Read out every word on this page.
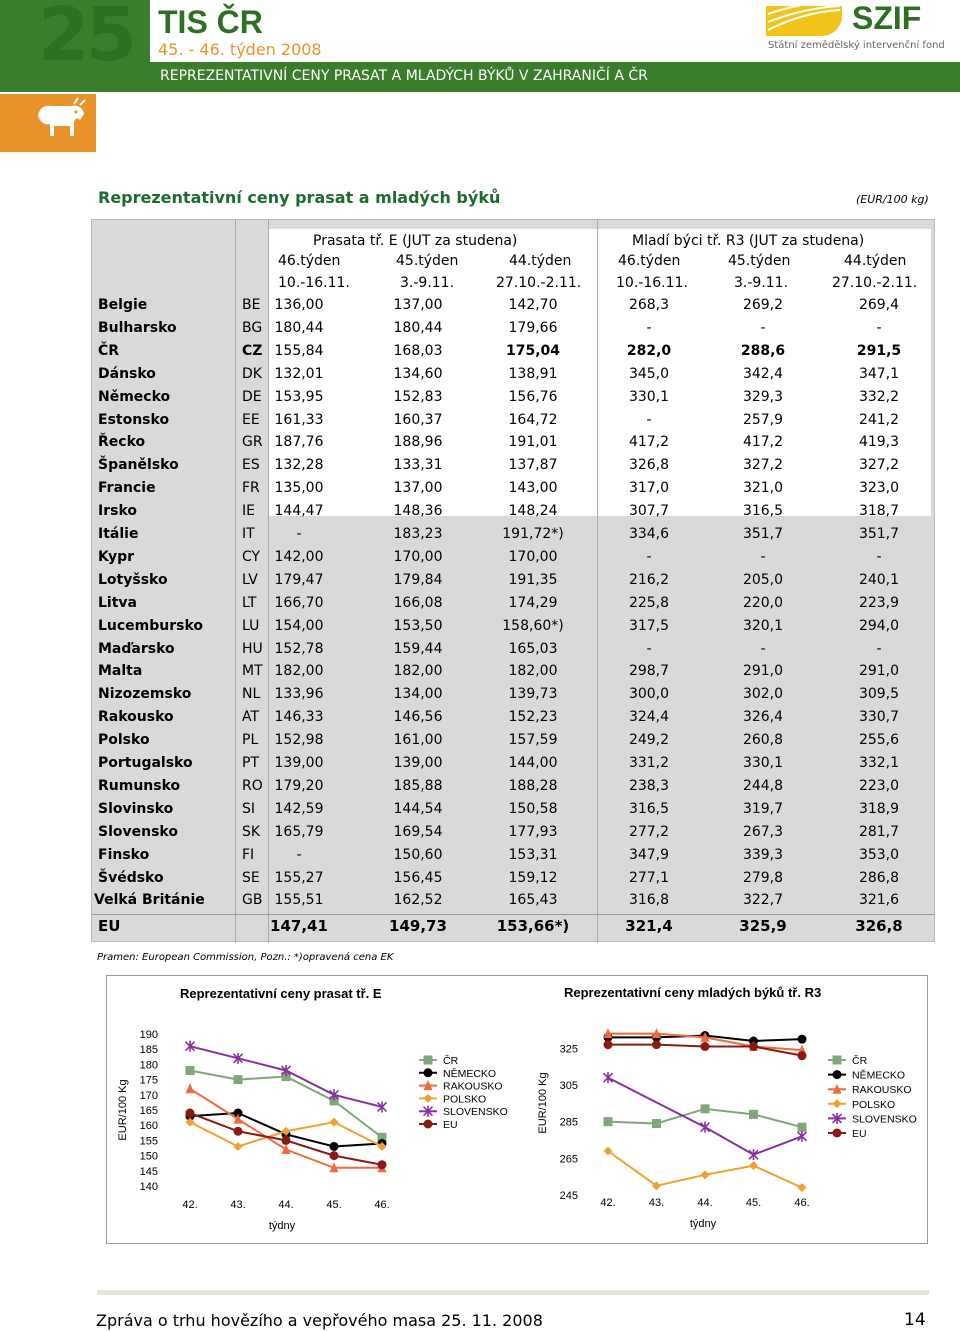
25 TIS ČR
45. - 46. týden 2008
REPREZENTATIVNÍ CENY PRASAT A MLADÝCH BÝKŮ V ZAHRANIČÍ A ČR
SZIF
Státní zemědělský intervenční fond
Reprezentativní ceny prasat a mladých býků	(EUR/100 kg)
Prasata tř. E (JUT za studena)	Mladí býci tř. R3 (JUT za studena)
46.týden	45.týden	44.týden	46.týden	45.týden	44.týden
10.-16.11.	3.-9.11.	27.10.-2.11. 10.-16.11.	3.-9.11.	27.10.-2.11.
Belgie	BE	136,00	137,00	142,70	268,3	269,2	269,4
Bulharsko	BG 180,44	180,44	179,66	-	-	-
ČR	CZ 155,84	168,03	175,04	282,0	288,6	291,5
Dánsko	DK 132,01	134,60	138,91	345,0	342,4	347,1
Německo	DE 153,95	152,83	156,76	330,1	329,3	332,2
Estonsko	EE	161,33	160,37	164,72	-	257,9	241,2
Řecko	GR 187,76	188,96	191,01	417,2	417,2	419,3
Španělsko	ES	132,28	133,31	137,87	326,8	327,2	327,2
Francie	FR	135,00	137,00	143,00	317,0	321,0	323,0
Irsko	IE	144,47	148,36	148,24	307,7	316,5	318,7
Itálie	IT	-	183,23	191,72*)	334,6	351,7	351,7
Kypr	CY	142,00	170,00	170,00	-	-	-
Lotyšsko	LV	179,47	179,84	191,35	216,2	205,0	240,1
Litva	LT	166,70	166,08	174,29	225,8	220,0	223,9
Lucembursko	LU	154,00	153,50	158,60*)	317,5	320,1	294,0
Maďarsko	HU 152,78	159,44	165,03	-	-	-
Malta	MT 182,00	182,00	182,00	298,7	291,0	291,0
Nizozemsko	NL	133,96	134,00	139,73	300,0	302,0	309,5
Rakousko	AT	146,33	146,56	152,23	324,4	326,4	330,7
Polsko	PL	152,98	161,00	157,59	249,2	260,8	255,6
Portugalsko	PT	139,00	139,00	144,00	331,2	330,1	332,1
Rumunsko	RO 179,20	185,88	188,28	238,3	244,8	223,0
Slovinsko	SI	142,59	144,54	150,58	316,5	319,7	318,9
Slovensko	SK	165,79	169,54	177,93	277,2	267,3	281,7
Finsko	FI	-	150,60	153,31	347,9	339,3	353,0
Švédsko	SE	155,27	156,45	159,12	277,1	279,8	286,8
Velká Británie	GB 155,51	162,52	165,43	316,8	322,7	321,6
EU	147,41	149,73	153,66*)	321,4	325,9	326,8
Pramen: European Commission, Pozn.: *)opravená cena EK
Reprezentativní ceny prasat tř. E	Reprezentativní ceny mladých býků tř. R3
190
185
180
175
170
165
160
155
150
145
140
42.	43.	44.	45.	46.
týdny
EUR/100 Kg
ČR
NĚMECKO
RAKOUSKO
POLSKO
SLOVENSKO
EU
325
305
285
265
245
42.	43.	44.	45.	46.
týdny
EUR/100 Kg
ČR
NĚMECKO
RAKOUSKO
POLSKO
SLOVENSKO
EU
Zpráva o trhu hovězího a vepřového masa 25. 11. 2008	14
